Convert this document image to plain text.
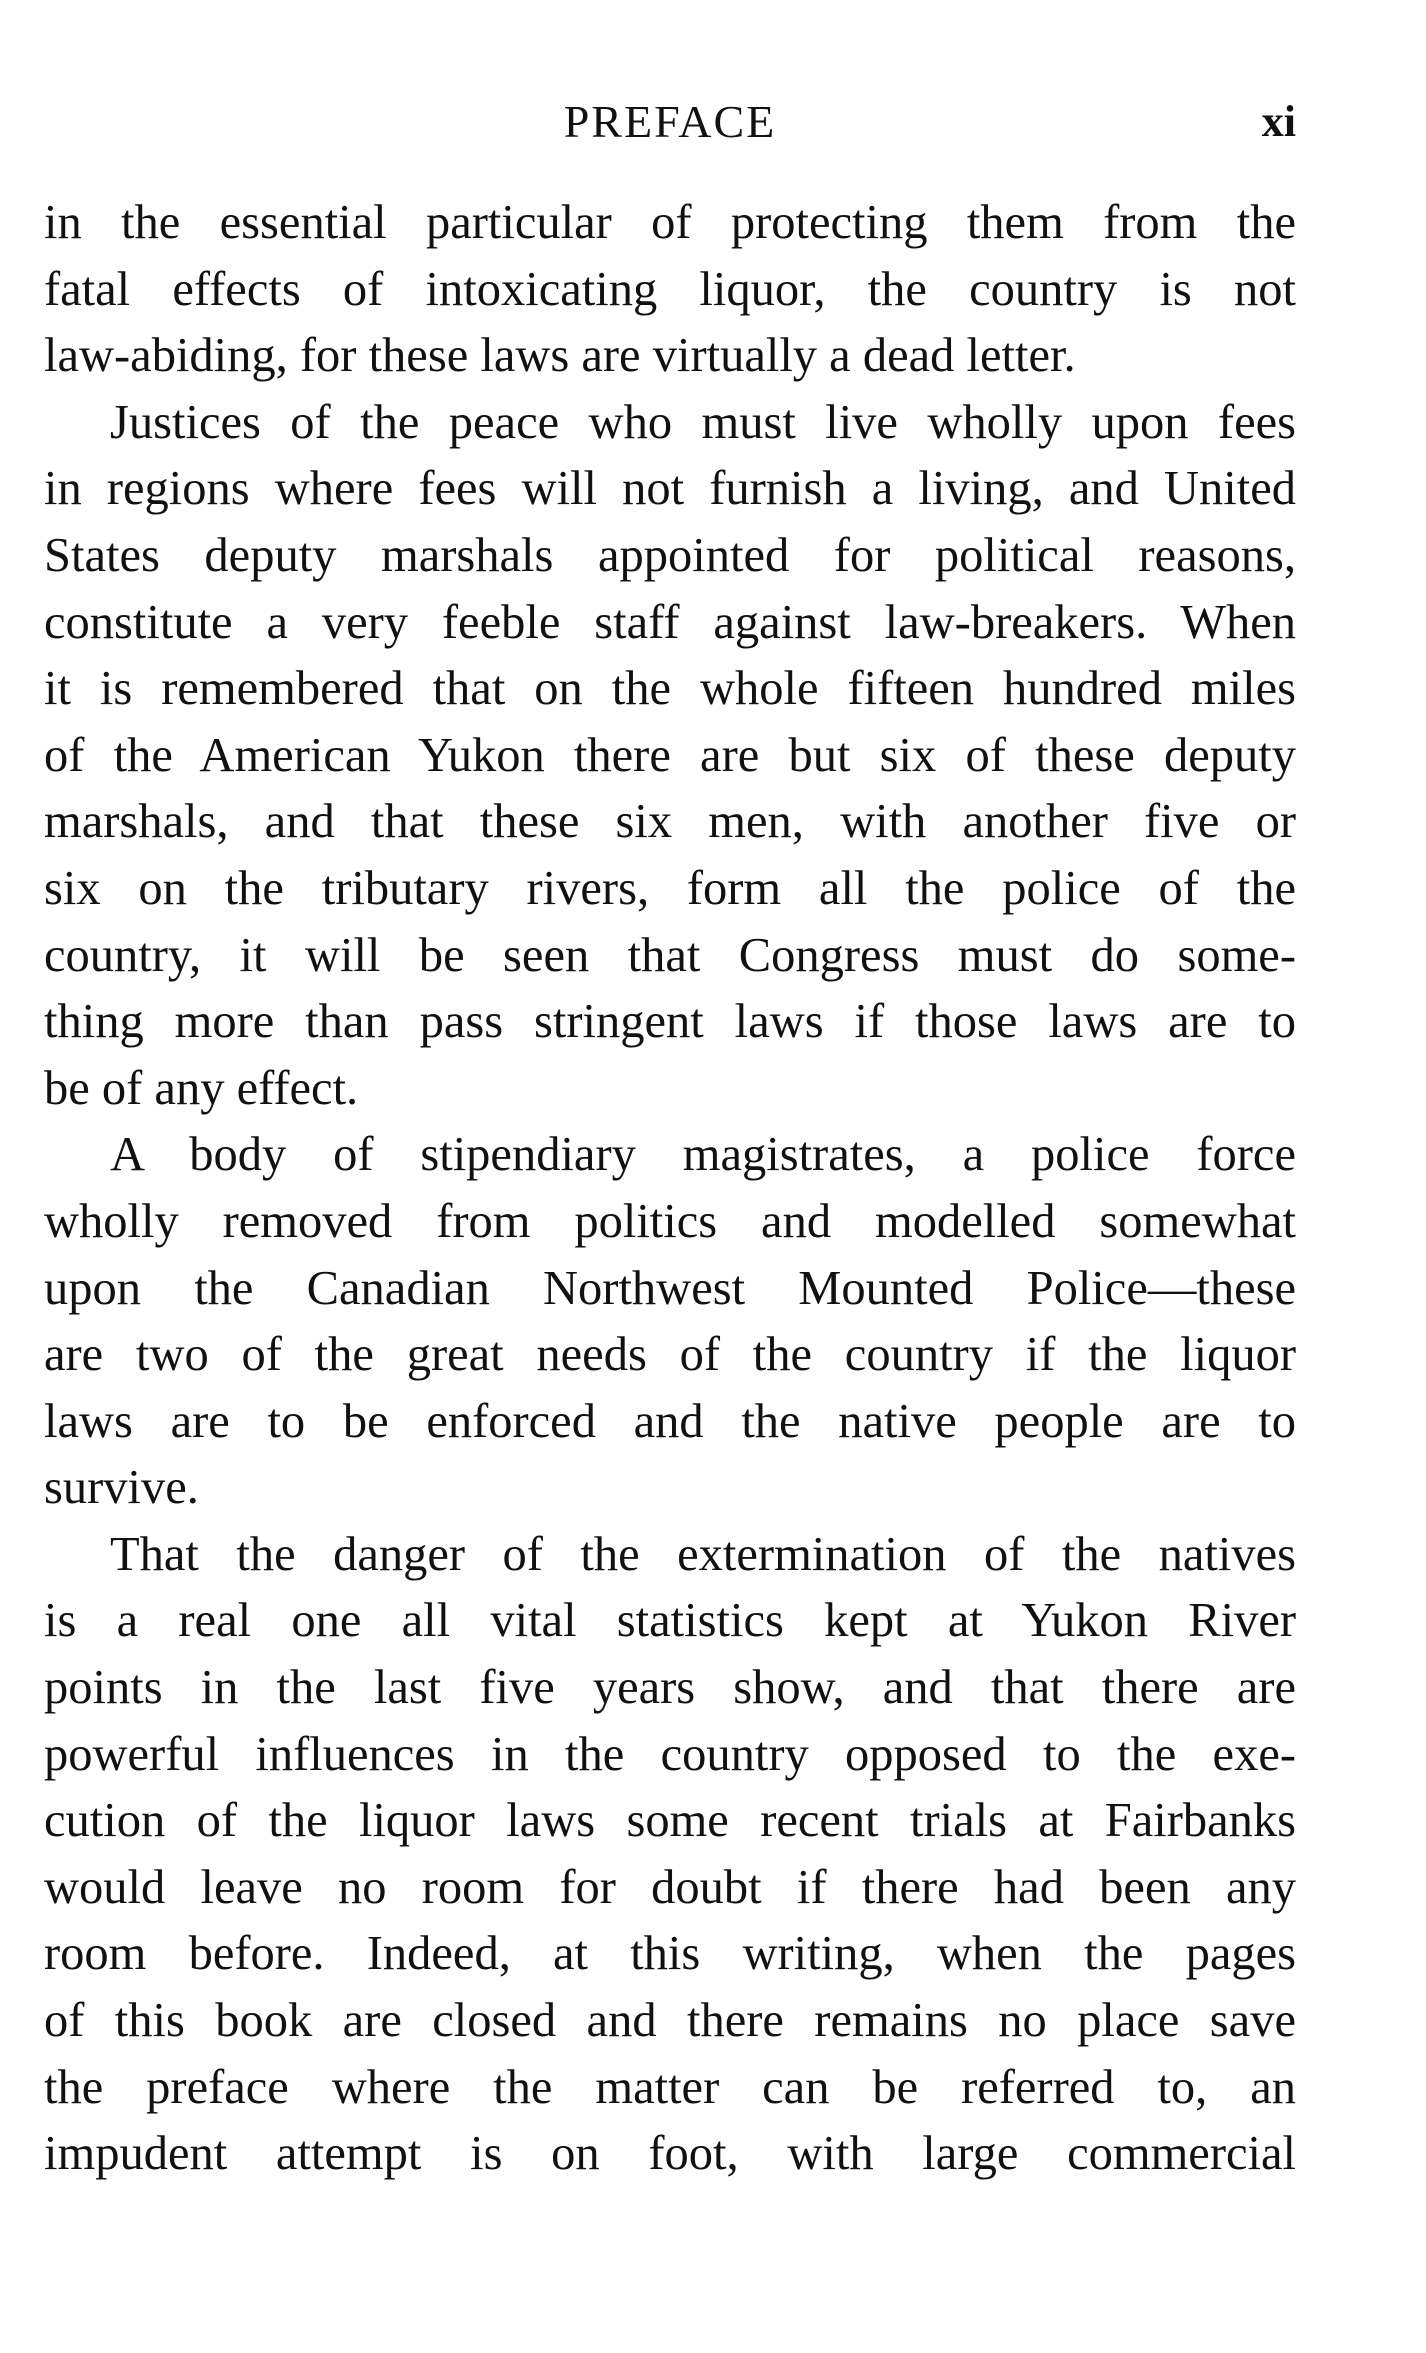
PREFACE	xi

in the essential particular of protecting them from the
fatal effects of intoxicating liquor, the country is not
law-abiding, for these laws are virtually a dead letter.

Justices of the peace who must live wholly upon fees
in regions where fees will not furnish a living, and United
States deputy marshals appointed for political reasons,
constitute a very feeble staff against law-breakers. When
it is remembered that on the whole fifteen hundred miles
of the American Yukon there are but six of these deputy
marshals, and that these six men, with another five or
six on the tributary rivers, form all the police of the
country, it will be seen that Congress must do some-
thing more than pass stringent laws if those laws are to
be of any effect.

A body of stipendiary magistrates, a police force
wholly removed from politics and modelled somewhat
upon the Canadian Northwest Mounted Police—these
are two of the great needs of the country if the liquor
laws are to be enforced and the native people are to
survive.

That the danger of the extermination of the natives
is a real one all vital statistics kept at Yukon River
points in the last five years show, and that there are
powerful influences in the country opposed to the exe-
cution of the liquor laws some recent trials at Fairbanks
would leave no room for doubt if there had been any
room before. Indeed, at this writing, when the pages
of this book are closed and there remains no place save
the preface where the matter can be referred to, an
impudent attempt is on foot, with large commercial
